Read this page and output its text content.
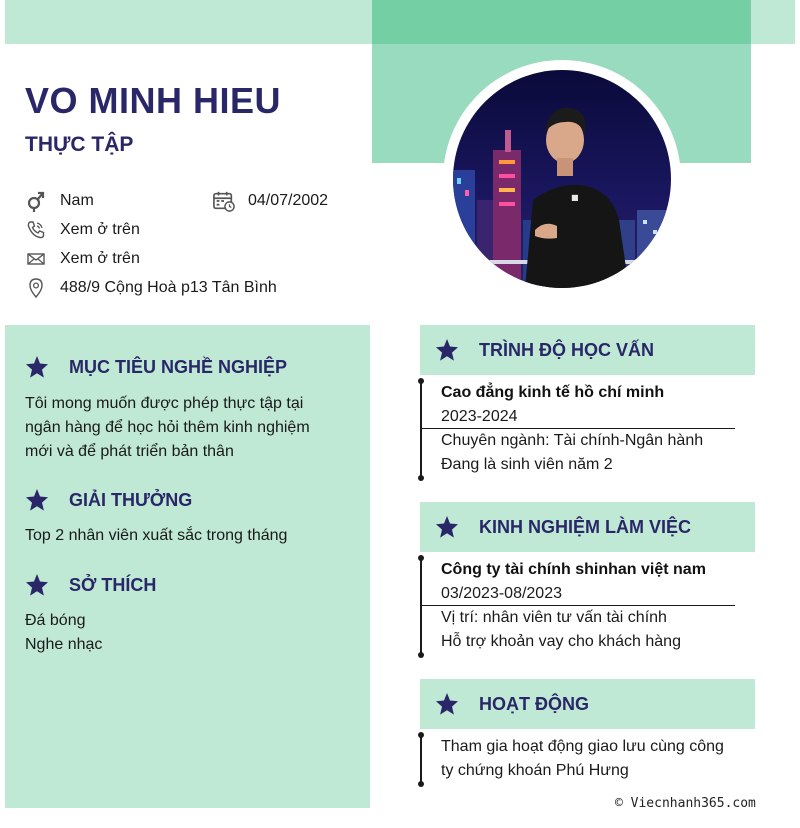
■
VO MINH HIEU
THỰC TẬP
Nam	04/07/2002
Xem ở trên
Xem ở trên
488/9 Cộng Hoà p13 Tân Bình
MỤC TIÊU NGHỀ NGHIỆP
Tôi mong muốn được phép thực tập tại
ngân hàng để học hỏi thêm kinh nghiệm
mới và để phát triển bản thân
GIẢI THƯỞNG
Top 2 nhân viên xuất sắc trong tháng
SỞ THÍCH
Đá bóng
Nghe nhạc
TRÌNH ĐỘ HỌC VẤN
Cao đẳng kinh tế hồ chí minh
2023-2024
Chuyên ngành: Tài chính-Ngân hành
Đang là sinh viên năm 2
KINH NGHIỆM LÀM VIỆC
Công ty tài chính shinhan việt nam
03/2023-08/2023
Vị trí: nhân viên tư vấn tài chính
Hỗ trợ khoản vay cho khách hàng
HOẠT ĐỘNG
Tham gia hoạt động giao lưu cùng công
ty chứng khoán Phú Hưng
© Viecnhanh365.com
